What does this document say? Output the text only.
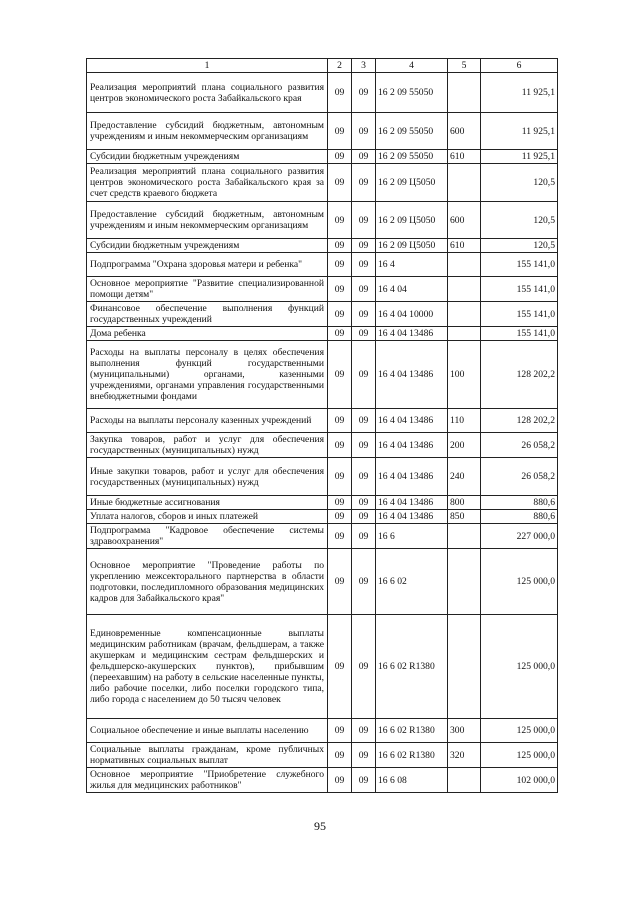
1	2	3	4	5	6
Реализация мероприятий плана социального развития центров экономического роста Забайкальского края	09	09	16 2 09 55050		11 925,1
Предоставление субсидий бюджетным, автономным учреждениям и иным некоммерческим организациям	09	09	16 2 09 55050	600	11 925,1
Субсидии бюджетным учреждениям	09	09	16 2 09 55050	610	11 925,1
Реализация мероприятий плана социального развития центров экономического роста Забайкальского края за счет средств краевого бюджета	09	09	16 2 09 Ц5050		120,5
Предоставление субсидий бюджетным, автономным учреждениям и иным некоммерческим организациям	09	09	16 2 09 Ц5050	600	120,5
Субсидии бюджетным учреждениям	09	09	16 2 09 Ц5050	610	120,5
Подпрограмма "Охрана здоровья матери и ребенка"	09	09	16 4		155 141,0
Основное мероприятие "Развитие специализированной помощи детям"	09	09	16 4 04		155 141,0
Финансовое обеспечение выполнения функций государственных учреждений	09	09	16 4 04 10000		155 141,0
Дома ребенка	09	09	16 4 04 13486		155 141,0
Расходы на выплаты персоналу в целях обеспечения выполнения функций государственными (муниципальными) органами, казенными учреждениями, органами управления государственными внебюджетными фондами	09	09	16 4 04 13486	100	128 202,2
Расходы на выплаты персоналу казенных учреждений	09	09	16 4 04 13486	110	128 202,2
Закупка товаров, работ и услуг для обеспечения государственных (муниципальных) нужд	09	09	16 4 04 13486	200	26 058,2
Иные закупки товаров, работ и услуг для обеспечения государственных (муниципальных) нужд	09	09	16 4 04 13486	240	26 058,2
Иные бюджетные ассигнования	09	09	16 4 04 13486	800	880,6
Уплата налогов, сборов и иных платежей	09	09	16 4 04 13486	850	880,6
Подпрограмма "Кадровое обеспечение системы здравоохранения"	09	09	16 6		227 000,0
Основное мероприятие "Проведение работы по укреплению межсекторального партнерства в области подготовки, последипломного образования медицинских кадров для Забайкальского края"	09	09	16 6 02		125 000,0
Единовременные компенсационные выплаты медицинским работникам (врачам, фельдшерам, а также акушеркам и медицинским сестрам фельдшерских и фельдшерско-акушерских пунктов), прибывшим (переехавшим) на работу в сельские населенные пункты, либо рабочие поселки, либо поселки городского типа, либо города с населением до 50 тысяч человек	09	09	16 6 02 R1380		125 000,0
Социальное обеспечение и иные выплаты населению	09	09	16 6 02 R1380	300	125 000,0
Социальные выплаты гражданам, кроме публичных нормативных социальных выплат	09	09	16 6 02 R1380	320	125 000,0
Основное мероприятие "Приобретение служебного жилья для медицинских работников"	09	09	16 6 08		102 000,0
95
